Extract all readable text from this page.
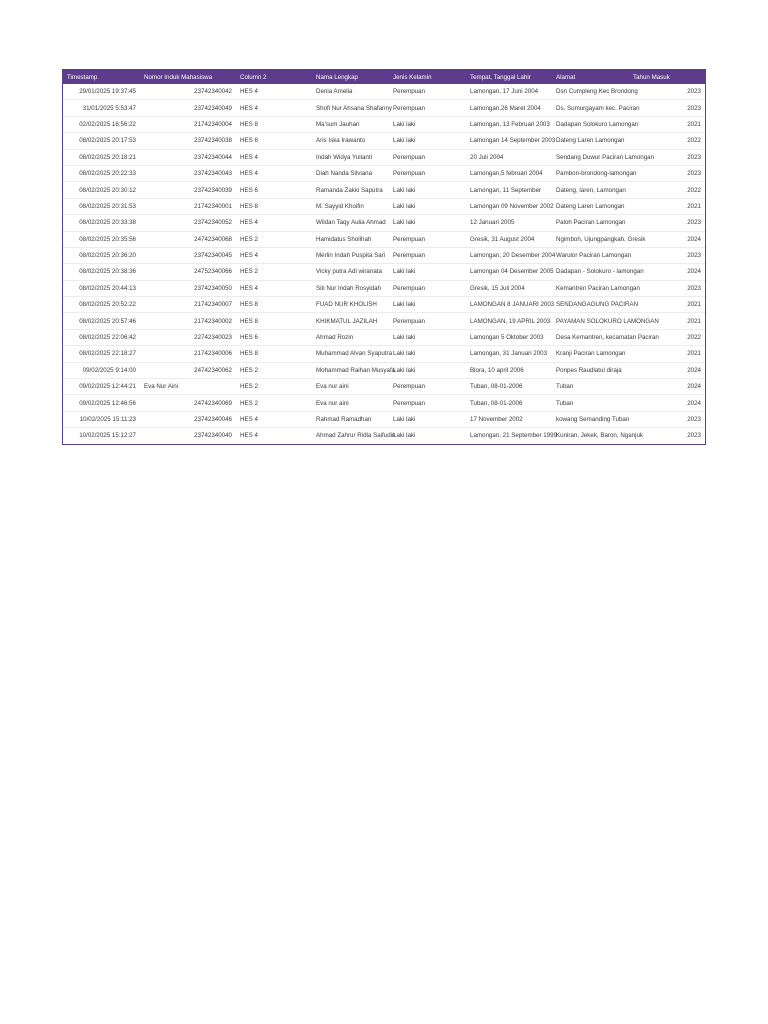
Timestamp	Nomor Induk Mahasiswa	Column 2	Nama Lengkap	Jenis Kelamin	Tempat, Tanggal Lahir	Alamat	Tahun Masuk
29/01/2025 19:37:45	23742340042	HES 4	Denia Amelia	Perempuan	Lamongan, 17 Juni 2004	Dsn Cumpleng Kec Brondong	2023
31/01/2025 5:53:47	23742340049	HES 4	Shofi Nur Ahsana Shafanny	Perempuan	Lamongan,26 Maret 2004	Ds. Sumurgayam kec. Paciran	2023
02/02/2025 16:56:22	21742340004	HES 8	Ma'sum Jauhari	Laki laki	Lamongan, 13 Februari 2003	Dadapan Solokuro Lamongan	2021
08/02/2025 20:17:53	23742340038	HES 6	Aris Iska Irawanto	Laki laki	Lamongan 14 September 2003	Dateng Laren Lamongan	2022
08/02/2025 20:18:21	23742340044	HES 4	Indah Widya Yulianti	Perempuan	20 Juli 2004	Sendang Duwur Paciran Lamongan	2023
08/02/2025 20:22:33	23742340043	HES 4	Diah Nanda Silviana	Perempuan	Lamongan,5 februari 2004	Pambon-brondong-lamongan	2023
08/02/2025 20:30:12	23742340039	HES 6	Ramanda Zakki Saputra	Laki laki	Lamongan, 11 September	Dateng, laren, Lamongan	2022
08/02/2025 20:31:53	21742340001	HES 8	M. Sayyid Khoifin	Laki laki	Lamongan 09 November 2002	Dateng Laren Lamongan	2021
08/02/2025 20:33:38	23742340052	HES 4	Wildan Taqy Aulia Ahmad	Laki laki	12 Januari 2005	Paloh Paciran Lamongan	2023
08/02/2025 20:35:56	24742340068	HES 2	Hamidatus Sholihah	Perempuan	Gresik, 31 August 2004	Ngimboh, Ujungpangkah, Gresik	2024
08/02/2025 20:36:20	23742340045	HES 4	Merlin Indah Puspita Sari	Perempuan	Lamongan, 20 Desember 2004	Warulor Paciran Lamongan	2023
08/02/2025 20:38:36	24752340066	HES 2	Vicky putra Adi wiranata	Laki laki	Lamongan 04 Desember 2005	Dadapan - Solokuro - lamongan	2024
08/02/2025 20:44:13	23742340050	HES 4	Siti Nur Indah Rosyidah	Perempuan	Gresik, 15 Juli 2004	Kemantren Paciran Lamongan	2023
08/02/2025 20:52:22	21742340007	HES 8	FUAD NUR KHOLISH	Laki laki	LAMONGAN 8 JANUARI 2003	SENDANGAGUNG PACIRAN	2021
08/02/2025 20:57:46	21742340002	HES 8	KHIKMATUL JAZILAH	Perempuan	LAMONGAN, 19 APRIL 2003	PAYAMAN SOLOKURO LAMONGAN	2021
08/02/2025 22:06:42	22742340023	HES 6	Ahmad Rozin	Laki laki	Lamongan 5 Oktober 2003	Desa Kemantren, kecamatan Paciran	2022
08/02/2025 22:18:27	21742340006	HES 8	Muhammad Alvan Syaputra	Laki laki	Lamongan, 31 Januari 2003	Kranji Paciran Lamongan	2021
09/02/2025 9:14:00	24742340062	HES 2	Mohammad Raihan Musyafa	Laki laki	Blora, 10 april 2006	Ponpes Raudlatul diraja	2024
09/02/2025 12:44:21	Eva Nur Aini	HES 2	Eva nur aini	Perempuan	Tuban, 08-01-2006	Tuban	2024
09/02/2025 12:46:56	24742340069	HES 2	Eva nur aini	Perempuan	Tuban, 08-01-2006	Tuban	2024
10/02/2025 15:11:23	23742340046	HES 4	Rahmad Ramadhan	Laki laki	17 November 2002	kowang Semanding Tuban	2023
10/02/2025 15:12:27	23742340040	HES 4	Ahmad Zahrur Ridla Saifudin	Laki laki	Lamongan, 21 September 1999	Kuniran, Jekek, Baron, Nganjuk	2023
